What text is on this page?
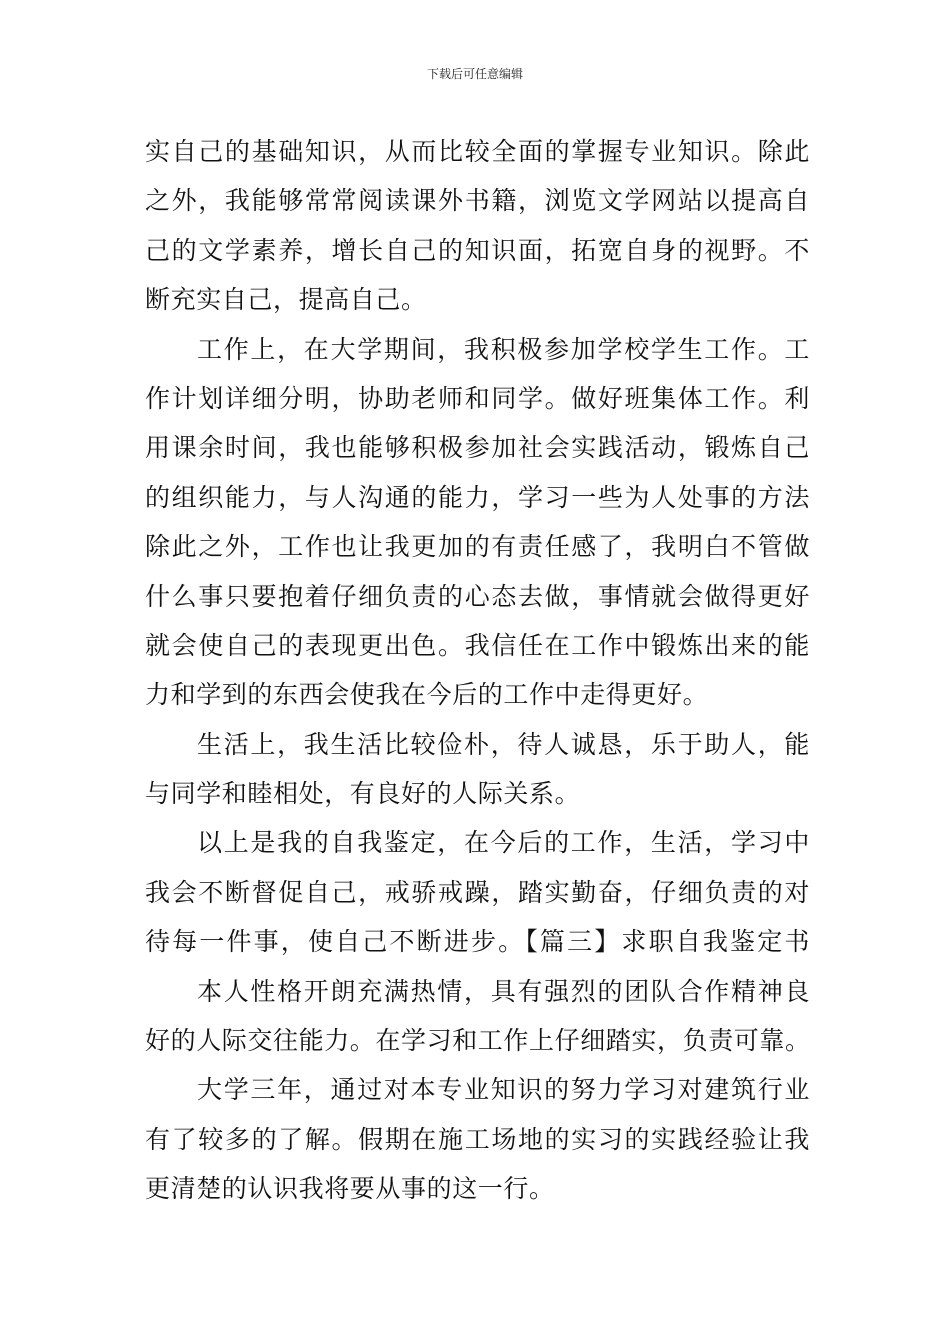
下载后可任意编辑
实自己的基础知识，从而比较全面的掌握专业知识。除此
之外，我能够常常阅读课外书籍，浏览文学网站以提高自
己的文学素养，增长自己的知识面，拓宽自身的视野。不
断充实自己，提高自己。
工作上，在大学期间，我积极参加学校学生工作。工
作计划详细分明，协助老师和同学。做好班集体工作。利
用课余时间，我也能够积极参加社会实践活动，锻炼自己
的组织能力，与人沟通的能力，学习一些为人处事的方法
除此之外，工作也让我更加的有责任感了，我明白不管做
什么事只要抱着仔细负责的心态去做，事情就会做得更好
就会使自己的表现更出色。我信任在工作中锻炼出来的能
力和学到的东西会使我在今后的工作中走得更好。
生活上，我生活比较俭朴，待人诚恳，乐于助人，能
与同学和睦相处，有良好的人际关系。
以上是我的自我鉴定，在今后的工作，生活，学习中
我会不断督促自己，戒骄戒躁，踏实勤奋，仔细负责的对
待每一件事，使自己不断进步。【篇三】求职自我鉴定书
本人性格开朗充满热情，具有强烈的团队合作精神良
好的人际交往能力。在学习和工作上仔细踏实，负责可靠。
大学三年，通过对本专业知识的努力学习对建筑行业
有了较多的了解。假期在施工场地的实习的实践经验让我
更清楚的认识我将要从事的这一行。
